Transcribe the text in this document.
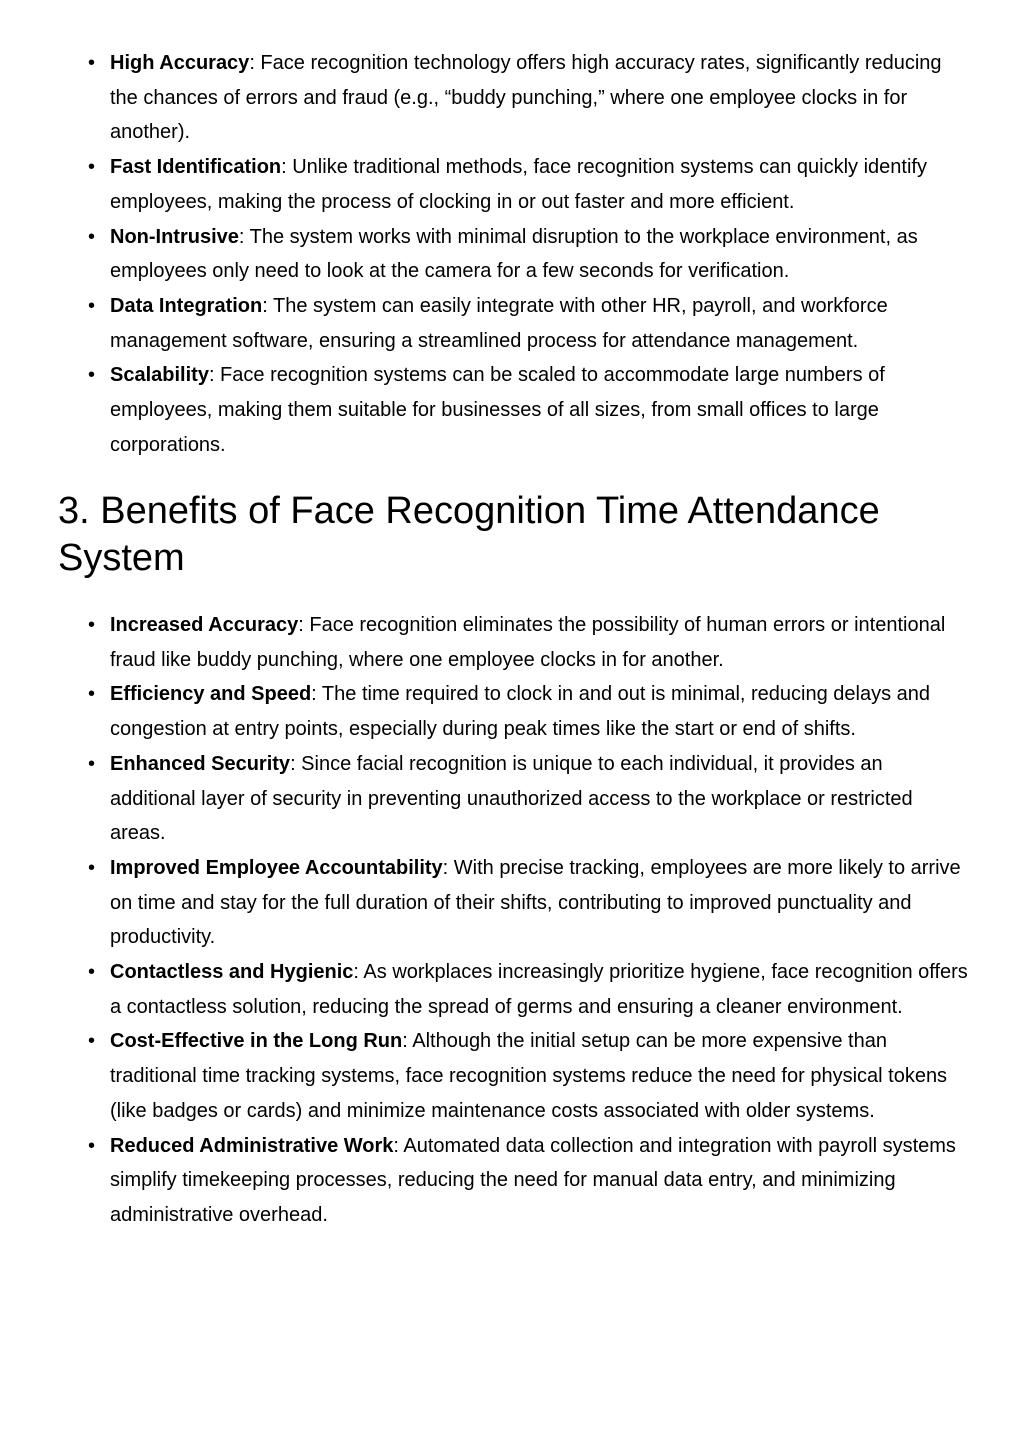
• High Accuracy: Face recognition technology offers high accuracy rates, significantly reducing the chances of errors and fraud (e.g., “buddy punching,” where one employee clocks in for another).
• Fast Identification: Unlike traditional methods, face recognition systems can quickly identify employees, making the process of clocking in or out faster and more efficient.
• Non-Intrusive: The system works with minimal disruption to the workplace environment, as employees only need to look at the camera for a few seconds for verification.
• Data Integration: The system can easily integrate with other HR, payroll, and workforce management software, ensuring a streamlined process for attendance management.
• Scalability: Face recognition systems can be scaled to accommodate large numbers of employees, making them suitable for businesses of all sizes, from small offices to large corporations.
3. Benefits of Face Recognition Time Attendance System
• Increased Accuracy: Face recognition eliminates the possibility of human errors or intentional fraud like buddy punching, where one employee clocks in for another.
• Efficiency and Speed: The time required to clock in and out is minimal, reducing delays and congestion at entry points, especially during peak times like the start or end of shifts.
• Enhanced Security: Since facial recognition is unique to each individual, it provides an additional layer of security in preventing unauthorized access to the workplace or restricted areas.
• Improved Employee Accountability: With precise tracking, employees are more likely to arrive on time and stay for the full duration of their shifts, contributing to improved punctuality and productivity.
• Contactless and Hygienic: As workplaces increasingly prioritize hygiene, face recognition offers a contactless solution, reducing the spread of germs and ensuring a cleaner environment.
• Cost-Effective in the Long Run: Although the initial setup can be more expensive than traditional time tracking systems, face recognition systems reduce the need for physical tokens (like badges or cards) and minimize maintenance costs associated with older systems.
• Reduced Administrative Work: Automated data collection and integration with payroll systems simplify timekeeping processes, reducing the need for manual data entry, and minimizing administrative overhead.
